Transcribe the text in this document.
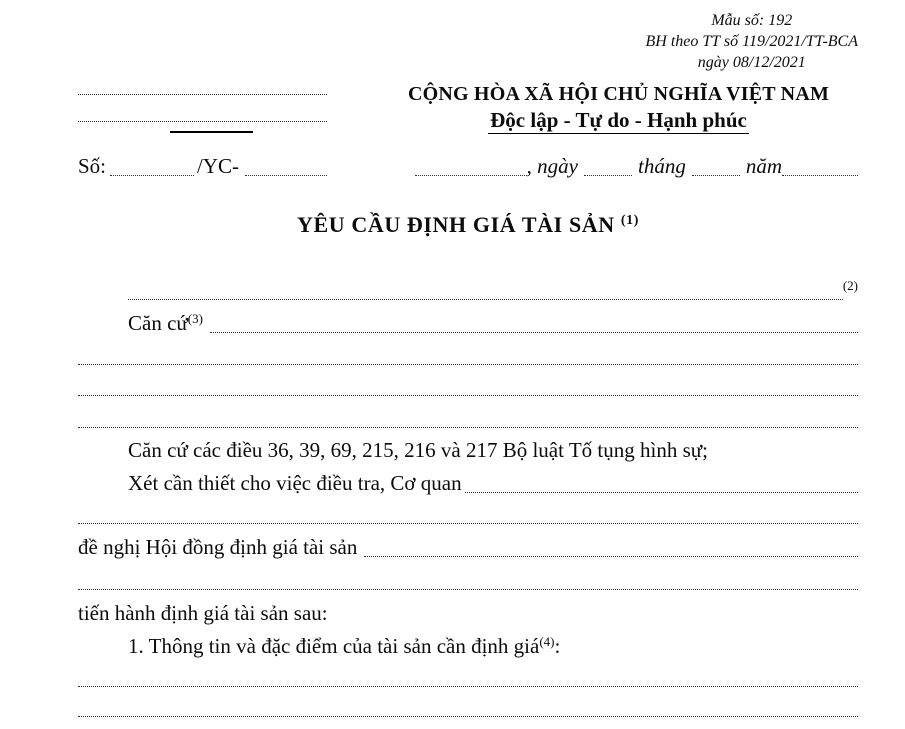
Mẫu số: 192
BH theo TT số 119/2021/TT-BCA
ngày 08/12/2021
CỘNG HÒA XÃ HỘI CHỦ NGHĨA VIỆT NAM
Độc lập - Tự do - Hạnh phúc
Số:	/YC-	, ngày	tháng	năm
YÊU CẦU ĐỊNH GIÁ TÀI SẢN $^{(1)}$
$^{(2)}$
Căn cứ $^{(3)}$
Căn cứ các điều 36, 39, 69, 215, 216 và 217 Bộ luật Tố tụng hình sự;
Xét cần thiết cho việc điều tra, Cơ quan
đề nghị Hội đồng định giá tài sản
tiến hành định giá tài sản sau:
1. Thông tin và đặc điểm của tài sản cần định giá $^{(4)}$ :
